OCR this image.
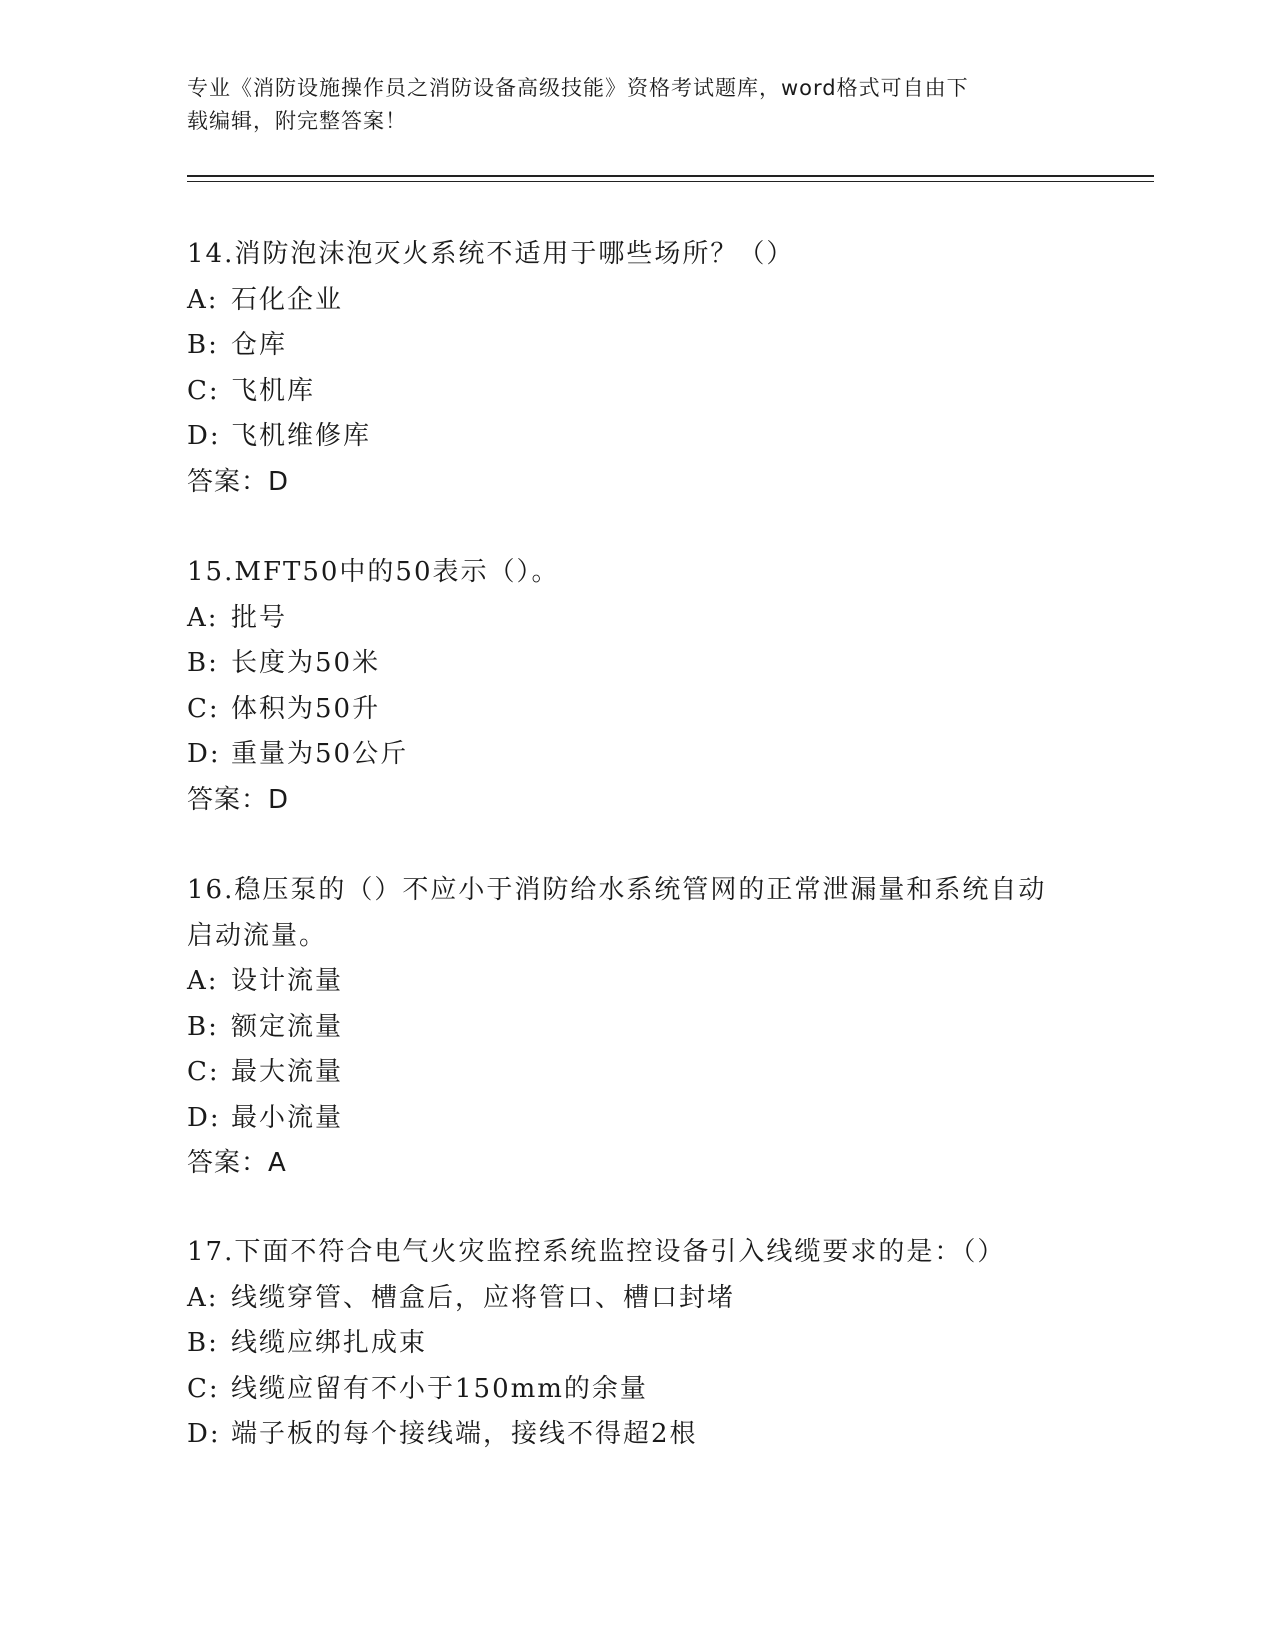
专业《消防设施操作员之消防设备高级技能》资格考试题库，word格式可自由下
载编辑，附完整答案！
14.消防泡沫泡灭火系统不适用于哪些场所？（）
A: 石化企业
B: 仓库
C: 飞机库
D: 飞机维修库
答案：D
15.MFT50中的50表示（）。
A: 批号
B: 长度为50米
C: 体积为50升
D: 重量为50公斤
答案：D
16.稳压泵的（）不应小于消防给水系统管网的正常泄漏量和系统自动
启动流量。
A: 设计流量
B: 额定流量
C: 最大流量
D: 最小流量
答案：A
17.下面不符合电气火灾监控系统监控设备引入线缆要求的是：（）
A: 线缆穿管、槽盒后，应将管口、槽口封堵
B: 线缆应绑扎成束
C: 线缆应留有不小于150mm的余量
D: 端子板的每个接线端，接线不得超2根
